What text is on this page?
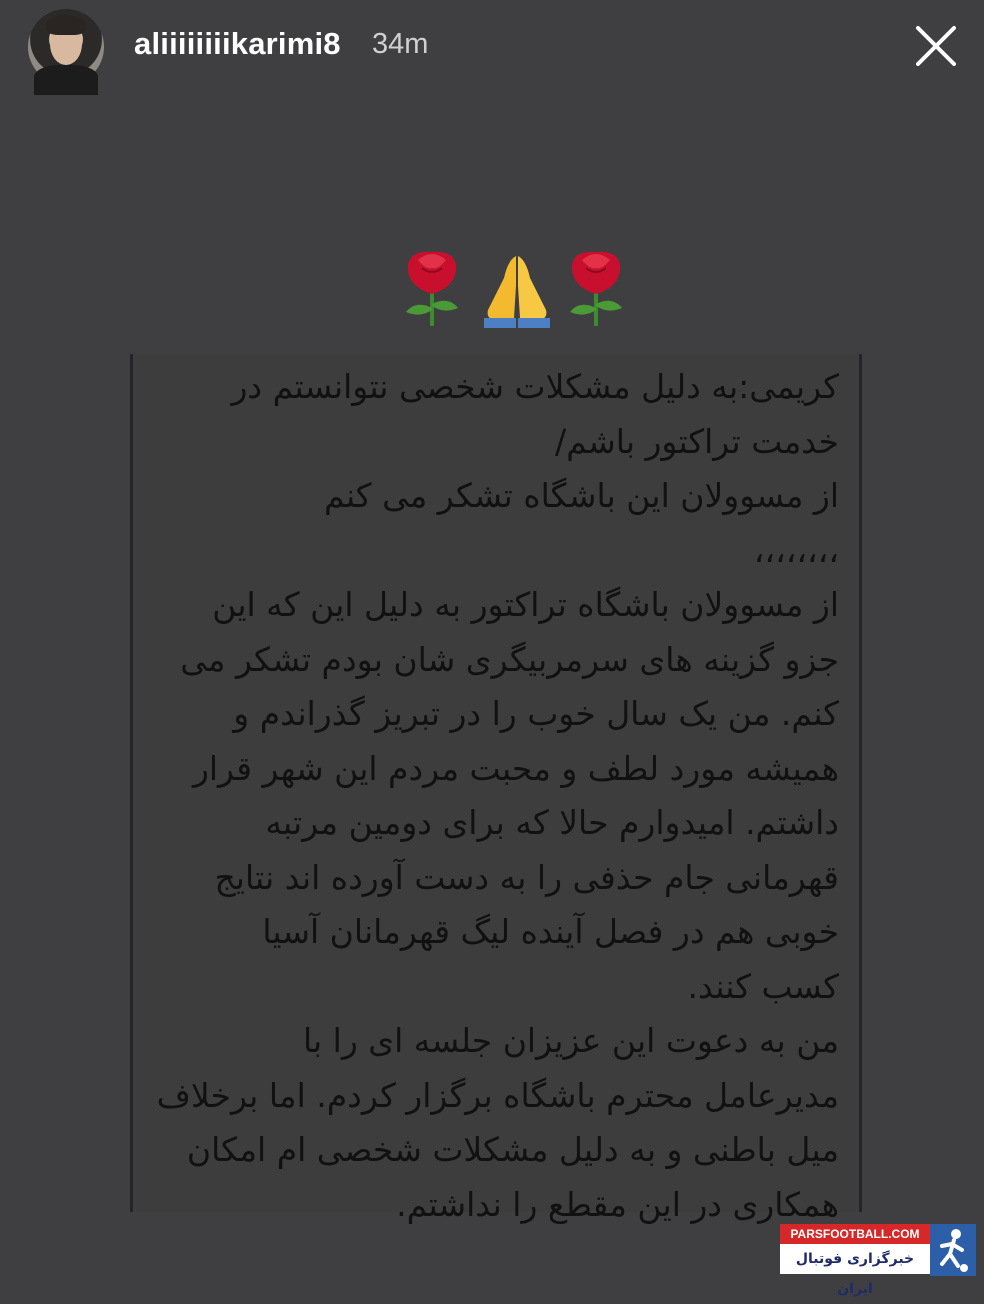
aliiiiiiiikarimi8 34m
کریمی:به دلیل مشکلات شخصی نتوانستم در
خدمت تراکتور باشم/
از مسوولان این باشگاه تشکر می کنم
،،،،،،،،
از مسوولان باشگاه تراکتور به دلیل این که این
جزو گزینه های سرمربیگری شان بودم تشکر می
کنم. من یک سال خوب را در تبریز گذراندم و
همیشه مورد لطف و محبت مردم این شهر قرار
داشتم. امیدوارم حالا که برای دومین مرتبه
قهرمانی جام حذفی را به دست آورده اند نتایج
خوبی هم در فصل آینده لیگ قهرمانان آسیا
کسب کنند.
من به دعوت این عزیزان جلسه ای را با
مدیرعامل محترم باشگاه برگزار کردم. اما برخلاف
میل باطنی و به دلیل مشکلات شخصی ام امکان
همکاری در این مقطع را نداشتم.
PARSFOOTBALL.COM
خبرگزاری فوتبال ایران
